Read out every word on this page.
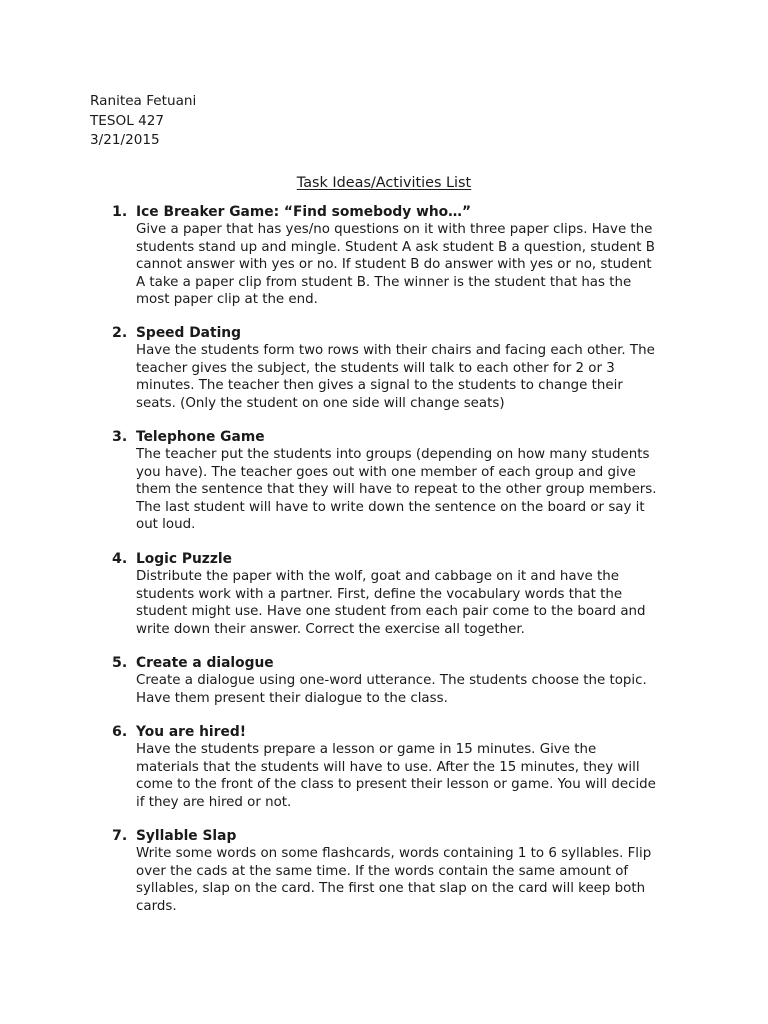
Ranitea Fetuani
TESOL 427
3/21/2015
Task Ideas/Activities List
1. Ice Breaker Game: “Find somebody who…”
Give a paper that has yes/no questions on it with three paper clips. Have the
students stand up and mingle. Student A ask student B a question, student B
cannot answer with yes or no. If student B do answer with yes or no, student
A take a paper clip from student B. The winner is the student that has the
most paper clip at the end.
2. Speed Dating
Have the students form two rows with their chairs and facing each other. The
teacher gives the subject, the students will talk to each other for 2 or 3
minutes. The teacher then gives a signal to the students to change their
seats. (Only the student on one side will change seats)
3. Telephone Game
The teacher put the students into groups (depending on how many students
you have). The teacher goes out with one member of each group and give
them the sentence that they will have to repeat to the other group members.
The last student will have to write down the sentence on the board or say it
out loud.
4. Logic Puzzle
Distribute the paper with the wolf, goat and cabbage on it and have the
students work with a partner. First, define the vocabulary words that the
student might use. Have one student from each pair come to the board and
write down their answer. Correct the exercise all together.
5. Create a dialogue
Create a dialogue using one-word utterance. The students choose the topic.
Have them present their dialogue to the class.
6. You are hired!
Have the students prepare a lesson or game in 15 minutes. Give the
materials that the students will have to use. After the 15 minutes, they will
come to the front of the class to present their lesson or game. You will decide
if they are hired or not.
7. Syllable Slap
Write some words on some flashcards, words containing 1 to 6 syllables. Flip
over the cads at the same time. If the words contain the same amount of
syllables, slap on the card. The first one that slap on the card will keep both
cards.
